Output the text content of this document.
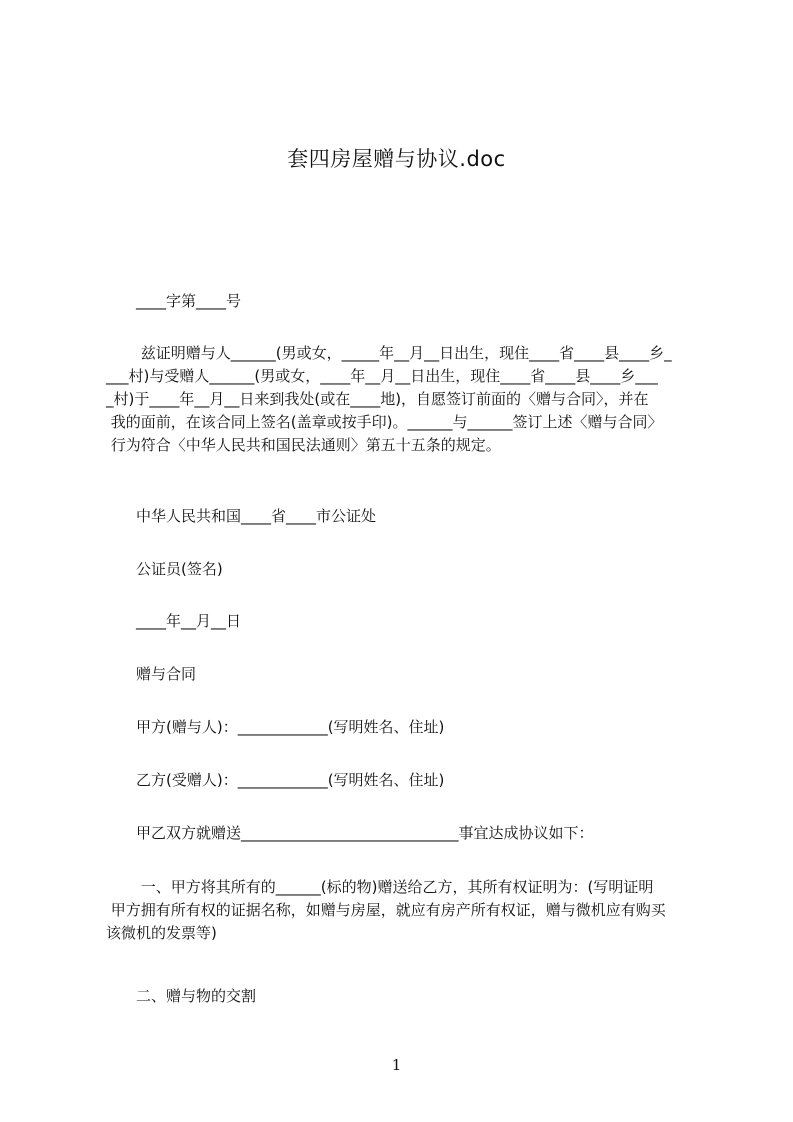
套四房屋赠与协议.doc

　　____字第____号

　　 兹证明赠与人______(男或女，_____年__月__日出生，现住____省____县____乡_
___村)与受赠人______(男或女，____年__月__日出生，现住____省____县____乡___
_村)于____年__月__日来到我处(或在____地)，自愿签订前面的〈赠与合同〉，并在
我的面前，在该合同上签名(盖章或按手印)。______与______签订上述〈赠与合同〉
行为符合〈中华人民共和国民法通则〉第五十五条的规定。

　　中华人民共和国____省____市公证处

　　公证员(签名)

　　____年__月__日

　　赠与合同

　　甲方(赠与人)：____________(写明姓名、住址)

　　乙方(受赠人)：____________(写明姓名、住址)

　　甲乙双方就赠送_____________________________事宜达成协议如下：

　　 一、甲方将其所有的______(标的物)赠送给乙方，其所有权证明为：(写明证明
甲方拥有所有权的证据名称，如赠与房屋，就应有房产所有权证，赠与微机应有购买
该微机的发票等)

　　二、赠与物的交割

1
